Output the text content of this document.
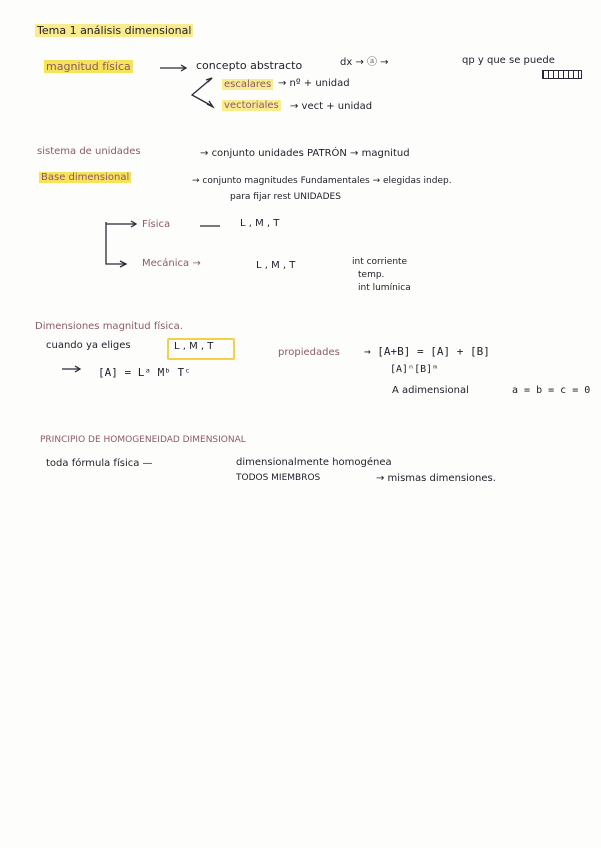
Tema 1 análisis dimensional
magnitud física	concepto abstracto	dx → ⓐ →	qp y que se puede
escalares → nº + unidad
vectoriales → vect + unidad
sistema de unidades	→ conjunto unidades PATRÓN → magnitud
Base dimensional	→ conjunto magnitudes Fundamentales → elegidas indep.
para fijar rest UNIDADES
Física	L , M , T
Mecánica →	L , M , T	int corriente
temp.
int lumínica
Dimensiones magnitud física.
cuando ya eliges	L , M , T
[A] = Lᵃ Mᵇ Tᶜ
propiedades → [A+B] = [A] + [B]
[A]ⁿ[B]ᵐ
A adimensional	a = b = c = 0
PRINCIPIO DE HOMOGENEIDAD DIMENSIONAL
toda fórmula física —	dimensionalmente homogénea
TODOS MIEMBROS	→ mismas dimensiones.
